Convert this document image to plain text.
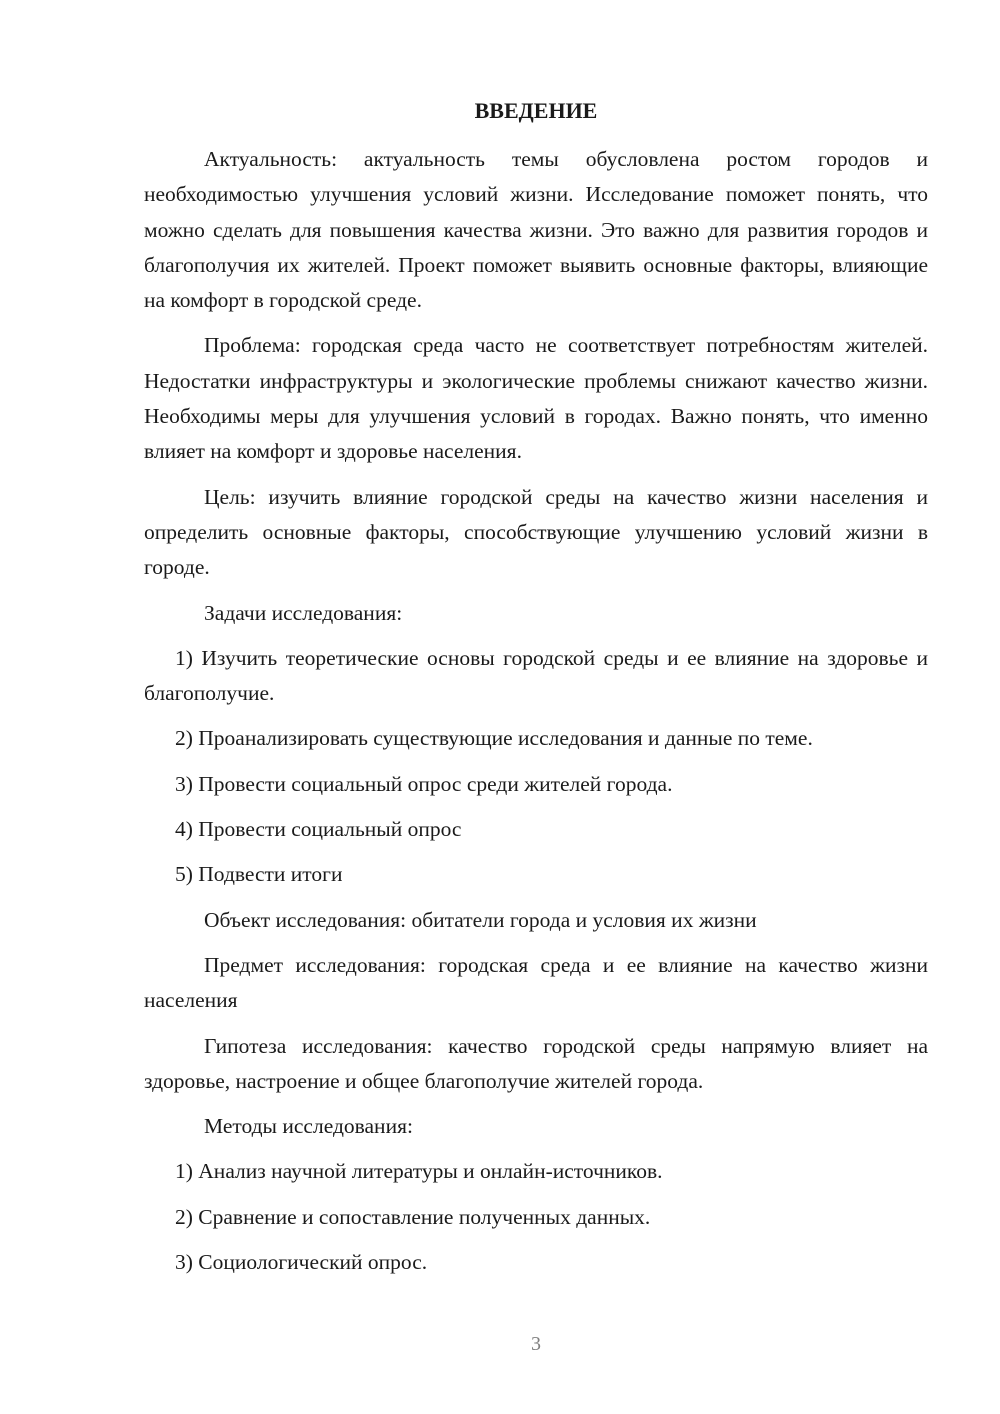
ВВЕДЕНИЕ

Актуальность: актуальность темы обусловлена ростом городов и необходимостью улучшения условий жизни. Исследование поможет понять, что можно сделать для повышения качества жизни. Это важно для развития городов и благополучия их жителей. Проект поможет выявить основные факторы, влияющие на комфорт в городской среде.

Проблема: городская среда часто не соответствует потребностям жителей. Недостатки инфраструктуры и экологические проблемы снижают качество жизни. Необходимы меры для улучшения условий в городах. Важно понять, что именно влияет на комфорт и здоровье населения.

Цель: изучить влияние городской среды на качество жизни населения и определить основные факторы, способствующие улучшению условий жизни в городе.

Задачи исследования:

1) Изучить теоретические основы городской среды и ее влияние на здоровье и благополучие.

2) Проанализировать существующие исследования и данные по теме.

3) Провести социальный опрос среди жителей города.

4) Провести социальный опрос

5) Подвести итоги

Объект исследования: обитатели города и условия их жизни

Предмет исследования: городская среда и ее влияние на качество жизни населения

Гипотеза исследования: качество городской среды напрямую влияет на здоровье, настроение и общее благополучие жителей города.

Методы исследования:

1) Анализ научной литературы и онлайн-источников.

2) Сравнение и сопоставление полученных данных.

3) Социологический опрос.

3
